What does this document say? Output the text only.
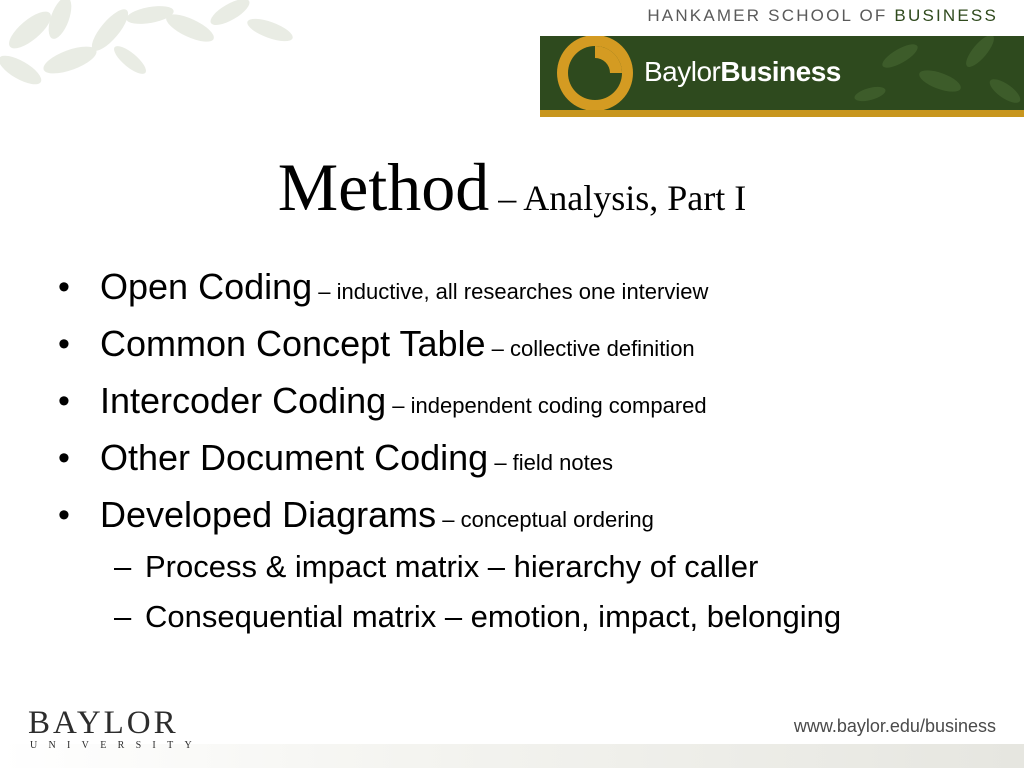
HANKAMER SCHOOL OF BUSINESS
BaylorBusiness
Method – Analysis, Part I
• Open Coding – inductive, all researches one interview
• Common Concept Table – collective definition
• Intercoder Coding – independent coding compared
• Other Document Coding – field notes
• Developed Diagrams – conceptual ordering
– Process & impact matrix – hierarchy of caller
– Consequential matrix – emotion, impact, belonging
BAYLOR
UNIVERSITY
www.baylor.edu/business
